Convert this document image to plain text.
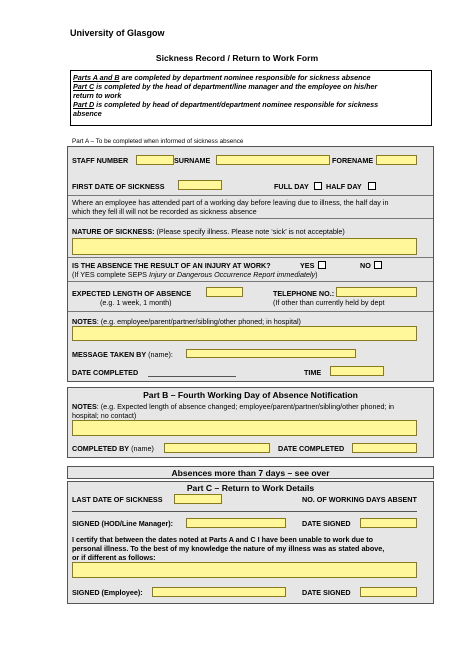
University of Glasgow
Sickness Record / Return to Work Form
Parts A and B are completed by department nominee responsible for sickness absence
Part C is completed by the head of department/line manager and the employee on his/her
return to work
Part D is completed by head of department/department nominee responsible for sickness
absence
Part A – To be completed when informed of sickness absence
STAFF NUMBER	SURNAME	FORENAME
FIRST DATE OF SICKNESS	FULL DAY HALF DAY
Where an employee has attended part of a working day before leaving due to illness, the half day in
which they fell ill will not be recorded as sickness absence
NATURE OF SICKNESS: (Please specify illness. Please note ‘sick’ is not acceptable)
IS THE ABSENCE THE RESULT OF AN INJURY AT WORK?	YES	NO
(If YES complete SEPS Injury or Dangerous Occurrence Report immediately)
EXPECTED LENGTH OF ABSENCE
(e.g. 1 week, 1 month)
TELEPHONE NO.:
(If other than currently held by dept
NOTES: (e.g. employee/parent/partner/sibling/other phoned; in hospital)
MESSAGE TAKEN BY (name):
DATE COMPLETED	TIME
Part B – Fourth Working Day of Absence Notification
NOTES: (e.g. Expected length of absence changed; employee/parent/partner/sibling/other phoned; in
hospital; no contact)
COMPLETED BY (name)	DATE COMPLETED
Absences more than 7 days – see over
Part C – Return to Work Details
LAST DATE OF SICKNESS	NO. OF WORKING DAYS ABSENT
SIGNED (HOD/Line Manager):	DATE SIGNED
I certify that between the dates noted at Parts A and C I have been unable to work due to
personal illness. To the best of my knowledge the nature of my illness was as stated above,
or if different as follows:
SIGNED (Employee):	DATE SIGNED
